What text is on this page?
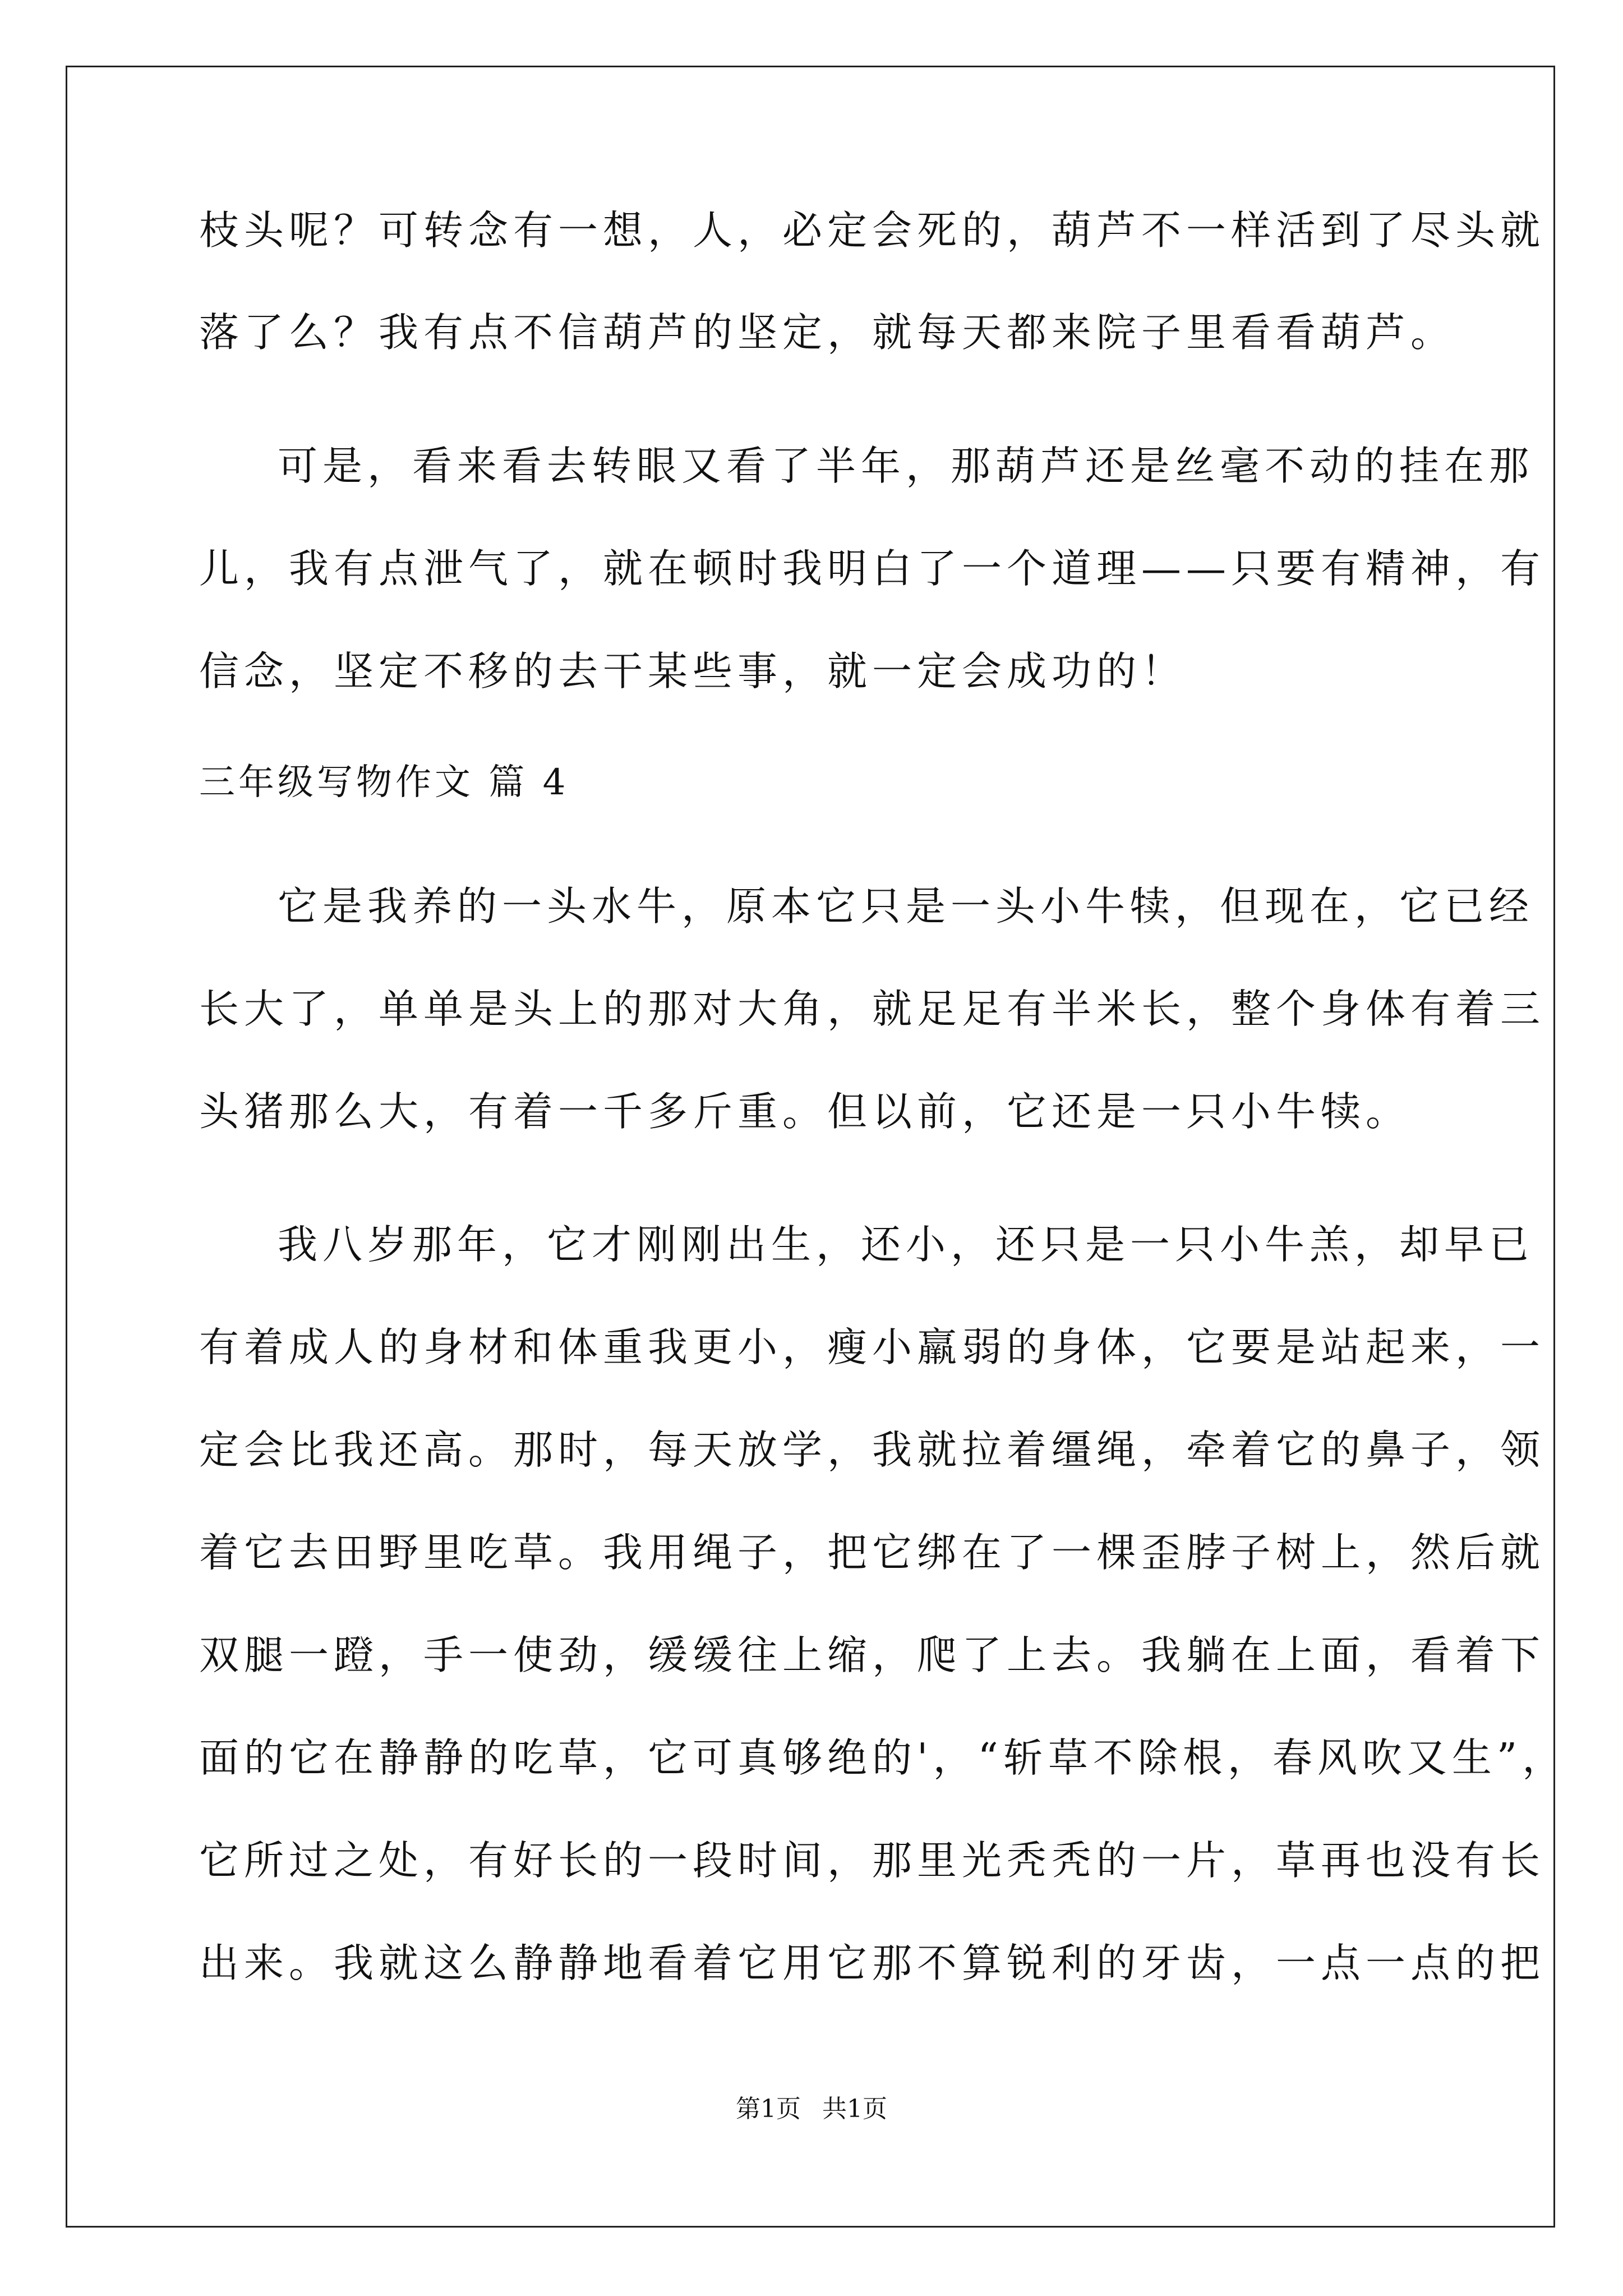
枝头呢？可转念有一想，人，必定会死的，葫芦不一样活到了尽头就
落了么？我有点不信葫芦的坚定，就每天都来院子里看看葫芦。
可是，看来看去转眼又看了半年，那葫芦还是丝毫不动的挂在那
儿，我有点泄气了，就在顿时我明白了一个道理——只要有精神，有
信念，坚定不移的去干某些事，就一定会成功的！
三年级写物作文 篇 4
它是我养的一头水牛，原本它只是一头小牛犊，但现在，它已经
长大了，单单是头上的那对大角，就足足有半米长，整个身体有着三
头猪那么大，有着一千多斤重。但以前，它还是一只小牛犊。
我八岁那年，它才刚刚出生，还小，还只是一只小牛羔，却早已
有着成人的身材和体重我更小，瘦小羸弱的身体，它要是站起来，一
定会比我还高。那时，每天放学，我就拉着缰绳，牵着它的鼻子，领
着它去田野里吃草。我用绳子，把它绑在了一棵歪脖子树上，然后就
双腿一蹬，手一使劲，缓缓往上缩，爬了上去。我躺在上面，看着下
面的它在静静的吃草，它可真够绝的'，“斩草不除根，春风吹又生”，
它所过之处，有好长的一段时间，那里光秃秃的一片，草再也没有长
出来。我就这么静静地看着它用它那不算锐利的牙齿，一点一点的把
第1页 共1页
